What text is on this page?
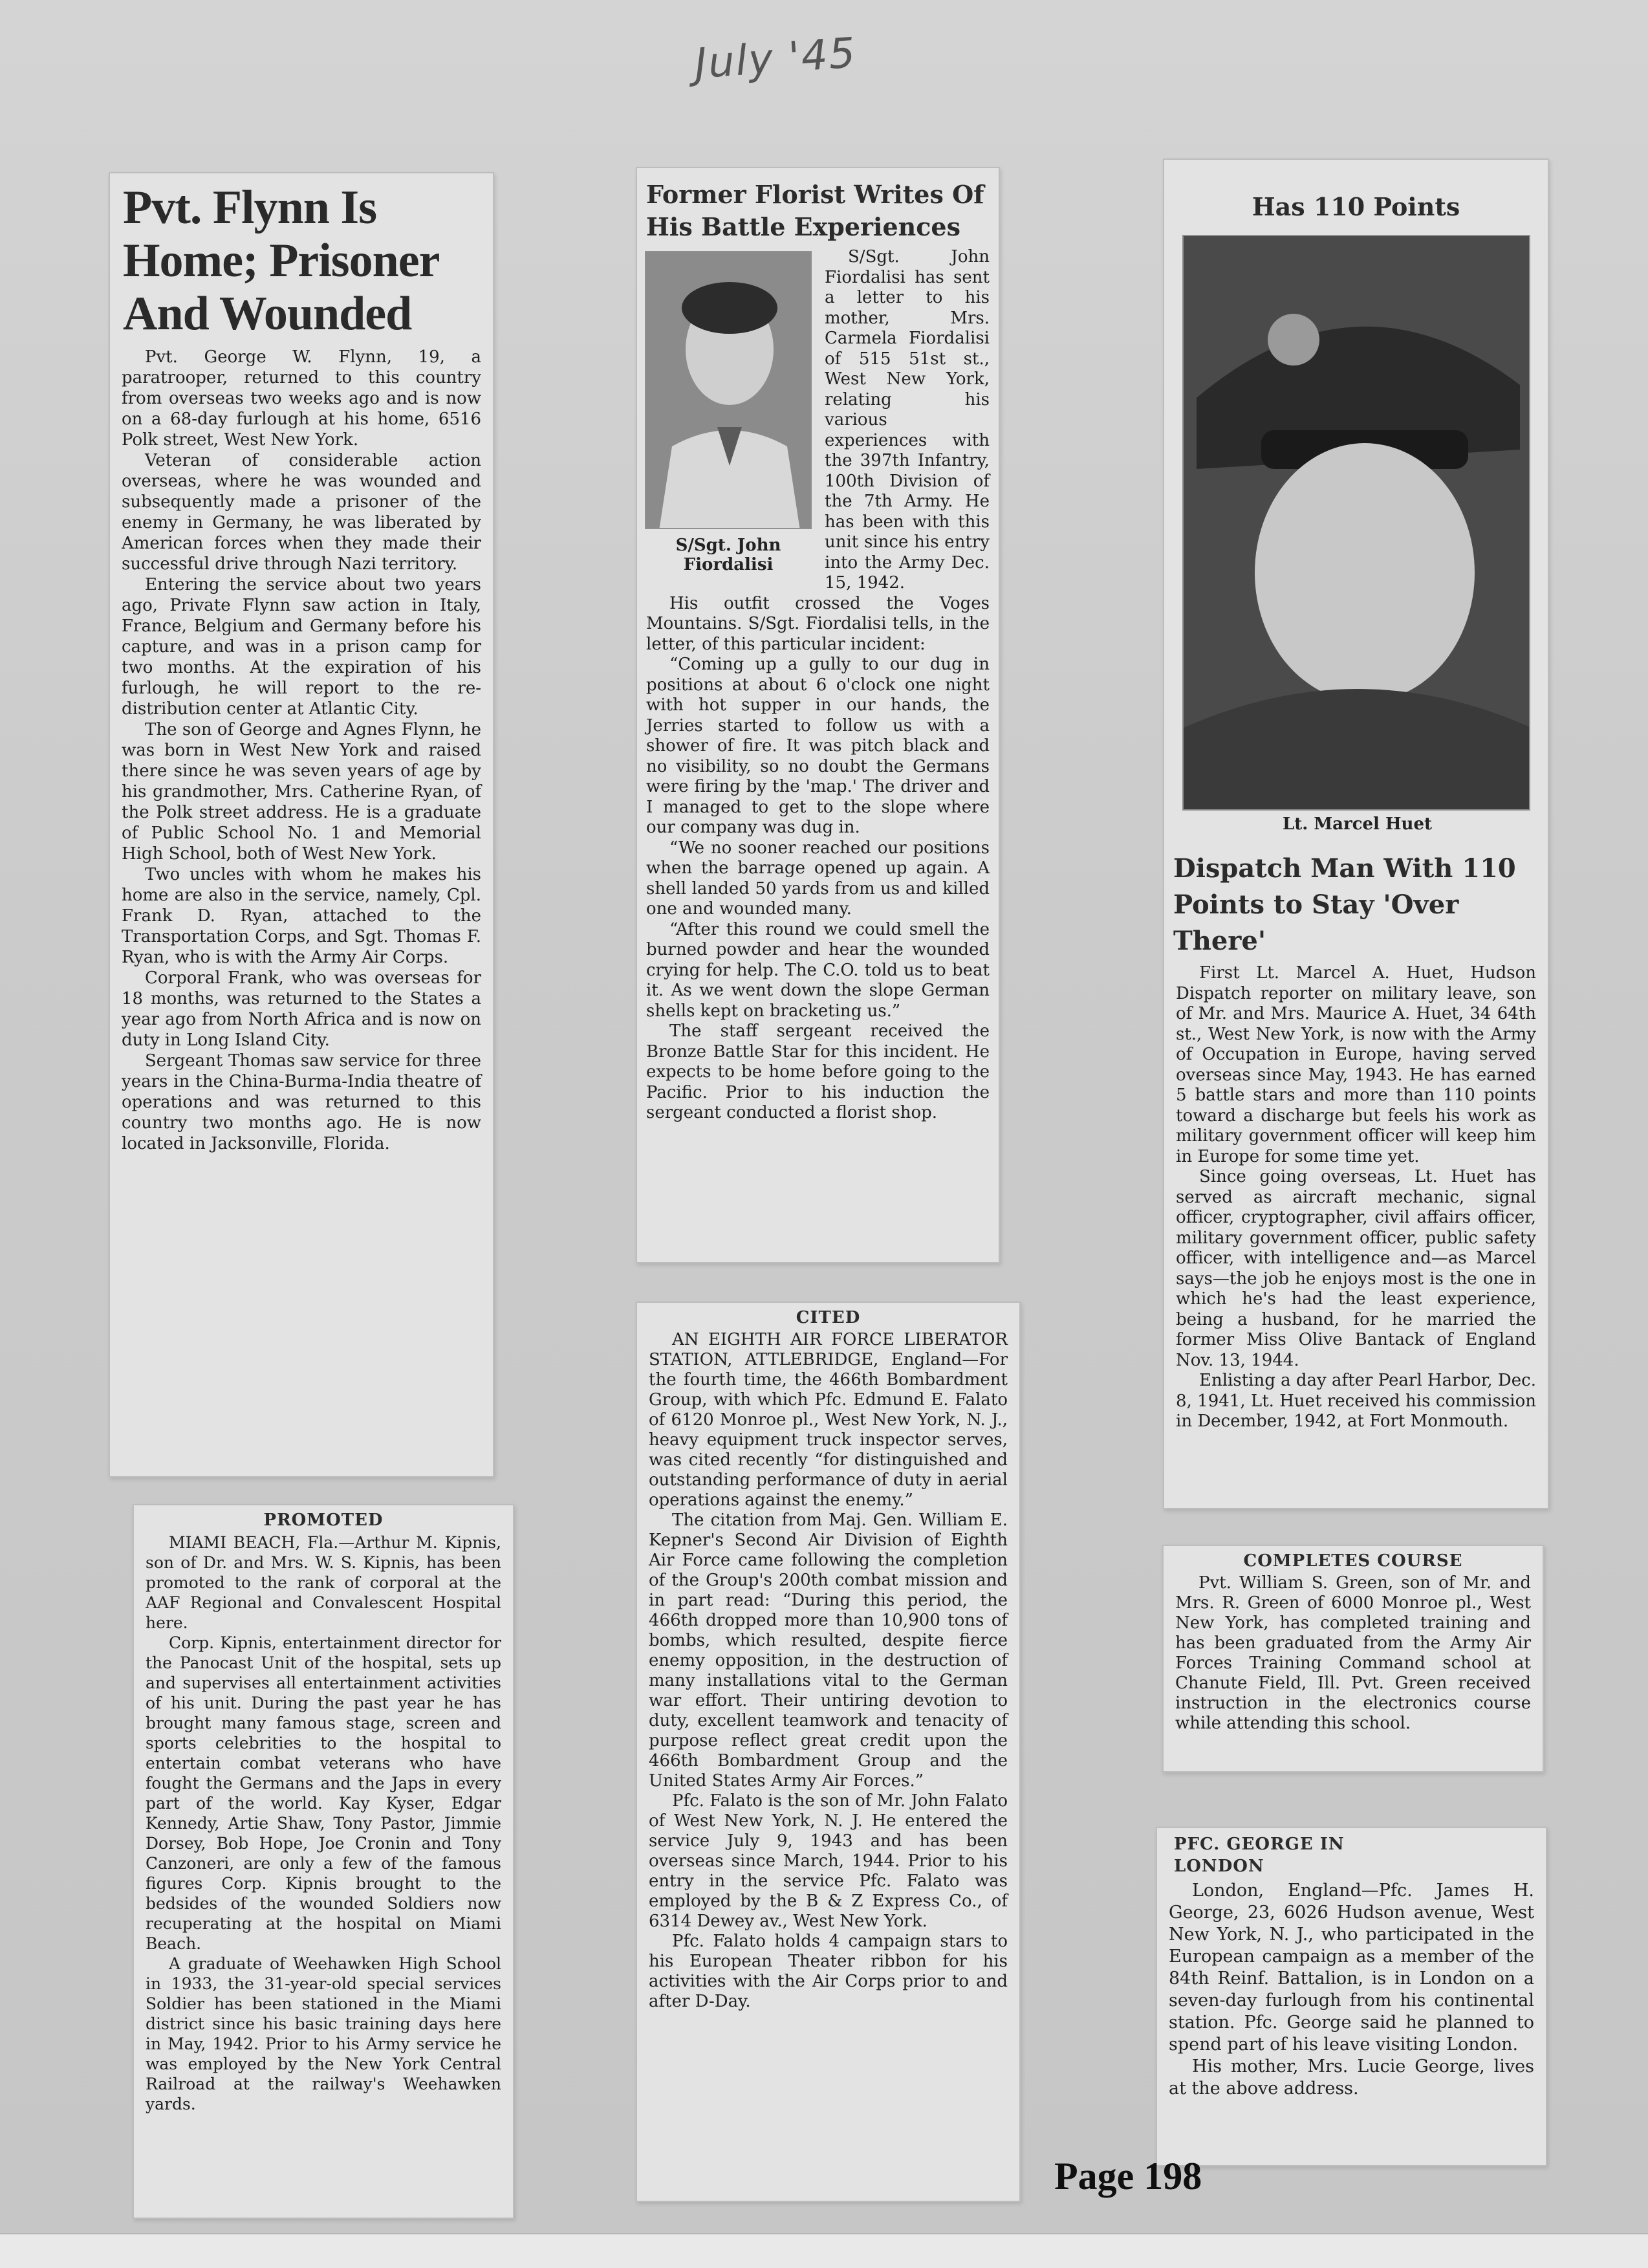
July '45
Pvt. Flynn Is Home; Prisoner And Wounded

Pvt. George W. Flynn, 19, a paratrooper, returned to this country from overseas two weeks ago and is now on a 68-day furlough at his home, 6516 Polk street, West New York.

Veteran of considerable action overseas, where he was wounded and subsequently made a prisoner of the enemy in Germany, he was liberated by American forces when they made their successful drive through Nazi territory.

Entering the service about two years ago, Private Flynn saw action in Italy, France, Belgium and Germany before his capture, and was in a prison camp for two months. At the expiration of his furlough, he will report to the re-distribution center at Atlantic City.

The son of George and Agnes Flynn, he was born in West New York and raised there since he was seven years of age by his grandmother, Mrs. Catherine Ryan, of the Polk street address. He is a graduate of Public School No. 1 and Memorial High School, both of West New York.

Two uncles with whom he makes his home are also in the service, namely, Cpl. Frank D. Ryan, attached to the Transportation Corps, and Sgt. Thomas F. Ryan, who is with the Army Air Corps.

Corporal Frank, who was overseas for 18 months, was returned to the States a year ago from North Africa and is now on duty in Long Island City.

Sergeant Thomas saw service for three years in the China-Burma-India theatre of operations and was returned to this country two months ago. He is now located in Jacksonville, Florida.

PROMOTED

MIAMI BEACH, Fla.—Arthur M. Kipnis, son of Dr. and Mrs. W. S. Kipnis, has been promoted to the rank of corporal at the AAF Regional and Convalescent Hospital here.

Corp. Kipnis, entertainment director for the Panocast Unit of the hospital, sets up and supervises all entertainment activities of his unit. During the past year he has brought many famous stage, screen and sports celebrities to the hospital to entertain combat veterans who have fought the Germans and the Japs in every part of the world. Kay Kyser, Edgar Kennedy, Artie Shaw, Tony Pastor, Jimmie Dorsey, Bob Hope, Joe Cronin and Tony Canzoneri, are only a few of the famous figures Corp. Kipnis brought to the bedsides of the wounded Soldiers now recuperating at the hospital on Miami Beach.

A graduate of Weehawken High School in 1933, the 31-year-old special services Soldier has been stationed in the Miami district since his basic training days here in May, 1942. Prior to his Army service he was employed by the New York Central Railroad at the railway's Weehawken yards.

Former Florist Writes Of His Battle Experiences
S/Sgt. John Fiordalisi

S/Sgt. John Fiordalisi has sent a letter to his mother, Mrs. Carmela Fiordalisi of 515 51st st., West New York, relating his various experiences with the 397th Infantry, 100th Division of the 7th Army. He has been with this unit since his entry into the Army Dec. 15, 1942.

His outfit crossed the Voges Mountains. S/Sgt. Fiordalisi tells, in the letter, of this particular incident:

“Coming up a gully to our dug in positions at about 6 o'clock one night with hot supper in our hands, the Jerries started to follow us with a shower of fire. It was pitch black and no visibility, so no doubt the Germans were firing by the 'map.' The driver and I managed to get to the slope where our company was dug in.

“We no sooner reached our positions when the barrage opened up again. A shell landed 50 yards from us and killed one and wounded many.

“After this round we could smell the burned powder and hear the wounded crying for help. The C.O. told us to beat it. As we went down the slope German shells kept on bracketing us.”

The staff sergeant received the Bronze Battle Star for this incident. He expects to be home before going to the Pacific. Prior to his induction the sergeant conducted a florist shop.

CITED

AN EIGHTH AIR FORCE LIBERATOR STATION, ATTLEBRIDGE, England—For the fourth time, the 466th Bombardment Group, with which Pfc. Edmund E. Falato of 6120 Monroe pl., West New York, N. J., heavy equipment truck inspector serves, was cited recently “for distinguished and outstanding performance of duty in aerial operations against the enemy.”

The citation from Maj. Gen. William E. Kepner's Second Air Division of Eighth Air Force came following the completion of the Group's 200th combat mission and in part read: “During this period, the 466th dropped more than 10,900 tons of bombs, which resulted, despite fierce enemy opposition, in the destruction of many installations vital to the German war effort. Their untiring devotion to duty, excellent teamwork and tenacity of purpose reflect great credit upon the 466th Bombardment Group and the United States Army Air Forces.”

Pfc. Falato is the son of Mr. John Falato of West New York, N. J. He entered the service July 9, 1943 and has been overseas since March, 1944. Prior to his entry in the service Pfc. Falato was employed by the B & Z Express Co., of 6314 Dewey av., West New York.

Pfc. Falato holds 4 campaign stars to his European Theater ribbon for his activities with the Air Corps prior to and after D-Day.

Has 110 Points
Lt. Marcel Huet
Dispatch Man With 110 Points to Stay 'Over There'

First Lt. Marcel A. Huet, Hudson Dispatch reporter on military leave, son of Mr. and Mrs. Maurice A. Huet, 34 64th st., West New York, is now with the Army of Occupation in Europe, having served overseas since May, 1943. He has earned 5 battle stars and more than 110 points toward a discharge but feels his work as military government officer will keep him in Europe for some time yet.

Since going overseas, Lt. Huet has served as aircraft mechanic, signal officer, cryptographer, civil affairs officer, military government officer, public safety officer, with intelligence and—as Marcel says—the job he enjoys most is the one in which he's had the least experience, being a husband, for he married the former Miss Olive Bantack of England Nov. 13, 1944.

Enlisting a day after Pearl Harbor, Dec. 8, 1941, Lt. Huet received his commission in December, 1942, at Fort Monmouth.

COMPLETES COURSE

Pvt. William S. Green, son of Mr. and Mrs. R. Green of 6000 Monroe pl., West New York, has completed training and has been graduated from the Army Air Forces Training Command school at Chanute Field, Ill. Pvt. Green received instruction in the electronics course while attending this school.

PFC. GEORGE IN LONDON

London, England—Pfc. James H. George, 23, 6026 Hudson avenue, West New York, N. J., who participated in the European campaign as a member of the 84th Reinf. Battalion, is in London on a seven-day furlough from his continental station. Pfc. George said he planned to spend part of his leave visiting London.

His mother, Mrs. Lucie George, lives at the above address.

Page 198
